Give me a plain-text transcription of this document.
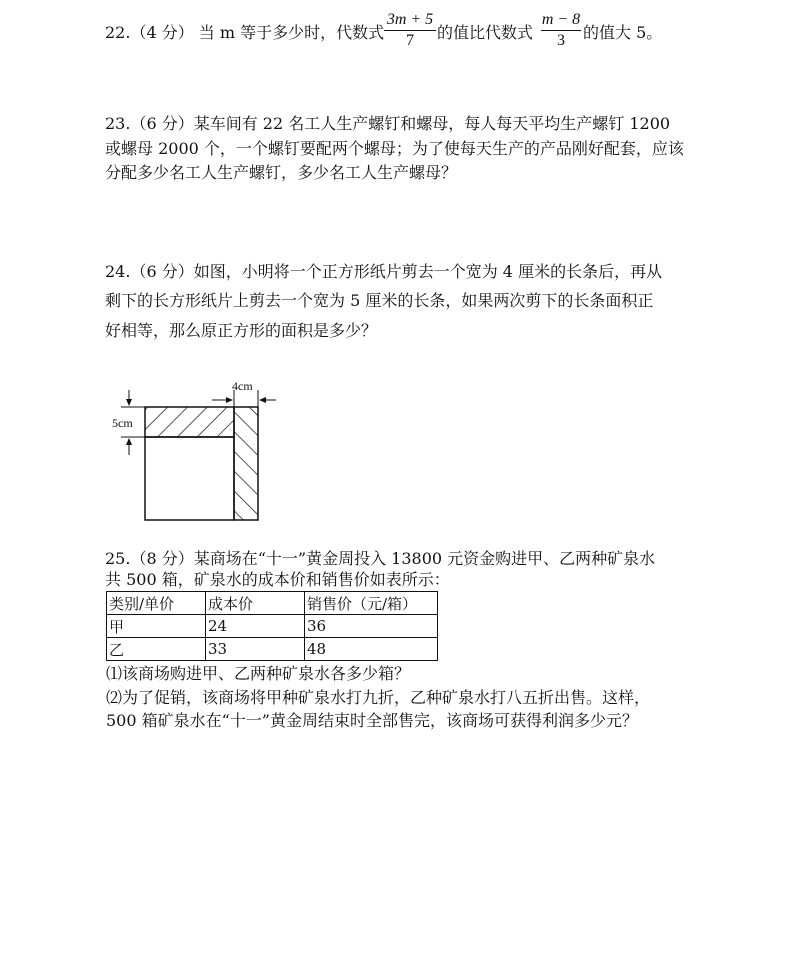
22.（4 分） 当 m 等于多少时，代数式
3m + 5
7	的值比代数式
m − 8
3	的值大 5。
23.（6 分）某车间有 22 名工人生产螺钉和螺母，每人每天平均生产螺钉 1200
或螺母 2000 个，一个螺钉要配两个螺母；为了使每天生产的产品刚好配套，应该
分配多少名工人生产螺钉，多少名工人生产螺母？
24.（6 分）如图，小明将一个正方形纸片剪去一个宽为 4 厘米的长条后，再从
剩下的长方形纸片上剪去一个宽为 5 厘米的长条，如果两次剪下的长条面积正
好相等，那么原正方形的面积是多少？
4cm
5cm
25.（8 分）某商场在“十一”黄金周投入 13800 元资金购进甲、乙两种矿泉水
共 500 箱，矿泉水的成本价和销售价如表所示：
类别/单价	成本价	销售价（元/箱）
甲	24	36
乙	33	48
⑴该商场购进甲、乙两种矿泉水各多少箱？
⑵为了促销，该商场将甲种矿泉水打九折，乙种矿泉水打八五折出售。这样，
500 箱矿泉水在“十一”黄金周结束时全部售完，该商场可获得利润多少元？
